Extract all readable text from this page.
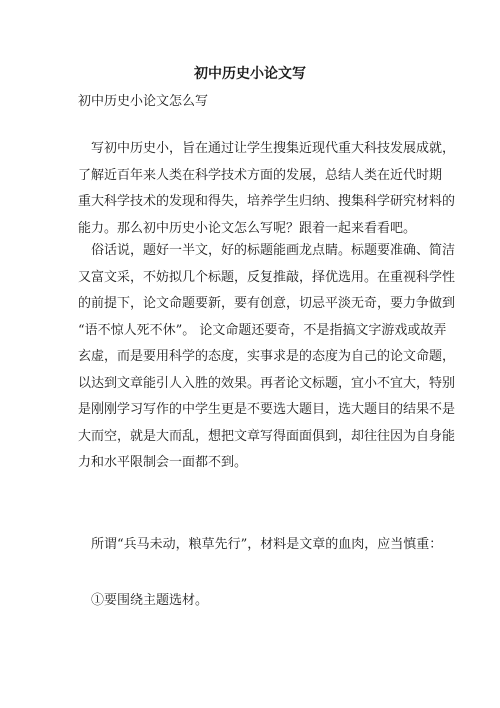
初中历史小论文写
初中历史小论文怎么写

　写初中历史小，旨在通过让学生搜集近现代重大科技发展成就，
了解近百年来人类在科学技术方面的发展，总结人类在近代时期
重大科学技术的发现和得失，培养学生归纳、搜集科学研究材料的
能力。那么初中历史小论文怎么写呢？跟着一起来看看吧。

　俗话说，题好一半文，好的标题能画龙点睛。标题要准确、简洁
又富文采，不妨拟几个标题，反复推敲，择优选用。在重视科学性
的前提下，论文命题要新，要有创意，切忌平淡无奇，要力争做到
“语不惊人死不休”。 论文命题还要奇，不是指搞文字游戏或故弄
玄虚，而是要用科学的态度，实事求是的态度为自己的论文命题，
以达到文章能引人入胜的效果。再者论文标题，宜小不宜大，特别
是刚刚学习写作的中学生更是不要选大题目，选大题目的结果不是
大而空，就是大而乱，想把文章写得面面俱到，却往往因为自身能
力和水平限制会一面都不到。

　所谓“兵马未动，粮草先行”，材料是文章的血肉，应当慎重：

　①要围绕主题选材。
